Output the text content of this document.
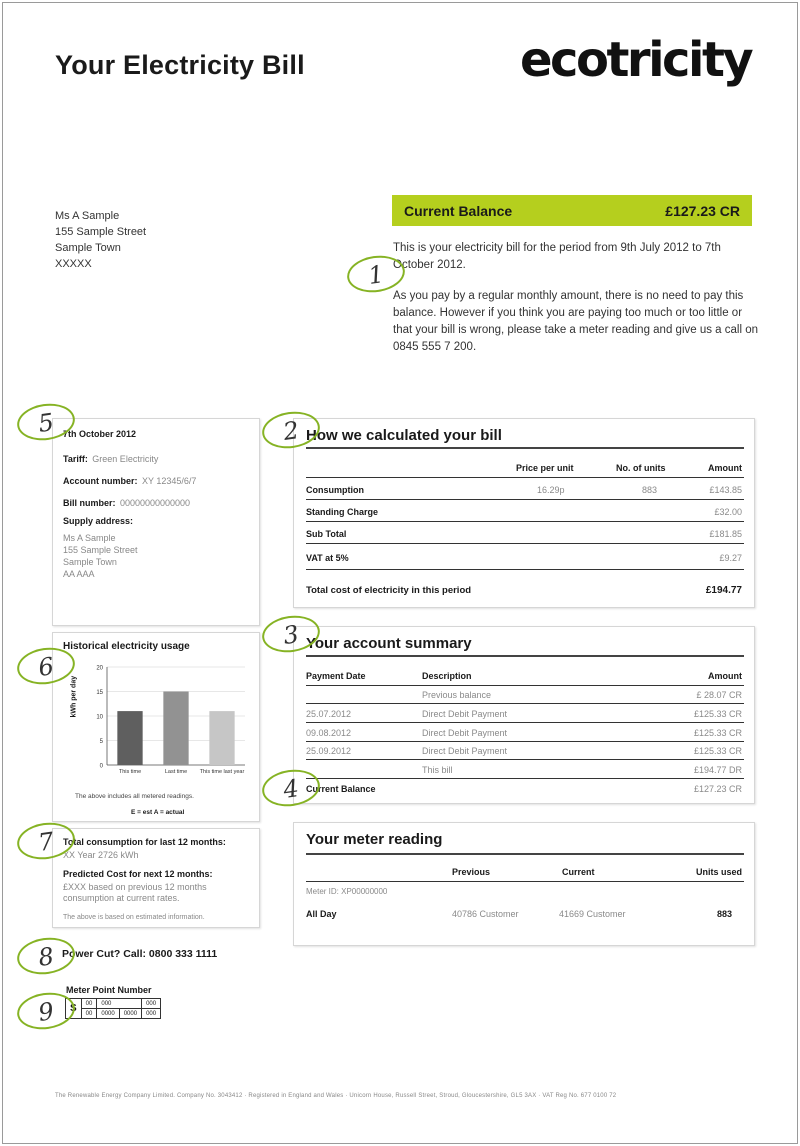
Your Electricity Bill	ecotricity
Ms A Sample
155 Sample Street
Sample Town
XXXXX
Current Balance	£127.23 CR

This is your electricity bill for the period from 9th July 2012 to 7th October 2012.

As you pay by a regular monthly amount, there is no need to pay this balance. However if you think you are paying too much or too little or that your bill is wrong, please take a meter reading and give us a call on 0845 555 7 200.

7th October 2012
Tariff: Green Electricity
Account number: XY 12345/6/7
Bill number: 00000000000000
Supply address:
Ms A Sample
155 Sample Street
Sample Town
AA AAA
Historical electricity usage
kWh per day
0
5
10
15
20
This time	Last time This time last year
The above includes all metered readings.
E = est A = actual
Total consumption for last 12 months:
XX Year 2726 kWh
Predicted Cost for next 12 months:
£XXX based on previous 12 months consumption at current rates.
The above is based on estimated information.
Power Cut? Call: 0800 333 1111
Meter Point Number
S	00	000		000
	00	0000	0000	000
How we calculated your bill
Price per unit	No. of units	Amount
Consumption	16.29p	883	£143.85
Standing Charge	£32.00
Sub Total	£181.85
VAT at 5%	£9.27
Total cost of electricity in this period	£194.77
Your account summary
Payment Date	Description	Amount
Previous balance	£ 28.07 CR
25.07.2012	Direct Debit Payment	£125.33 CR
09.08.2012	Direct Debit Payment	£125.33 CR
25.09.2012	Direct Debit Payment	£125.33 CR
This bill	£194.77 DR
Current Balance	£127.23 CR
Your meter reading
Previous	Current	Units used
Meter ID: XP00000000
All Day	40786 Customer	41669 Customer	883
1
2
3
4
5
6
7
8
9
The Renewable Energy Company Limited. Company No. 3043412 · Registered in England and Wales · Unicorn House, Russell Street, Stroud, Gloucestershire, GL5 3AX · VAT Reg No. 677 0100 72
